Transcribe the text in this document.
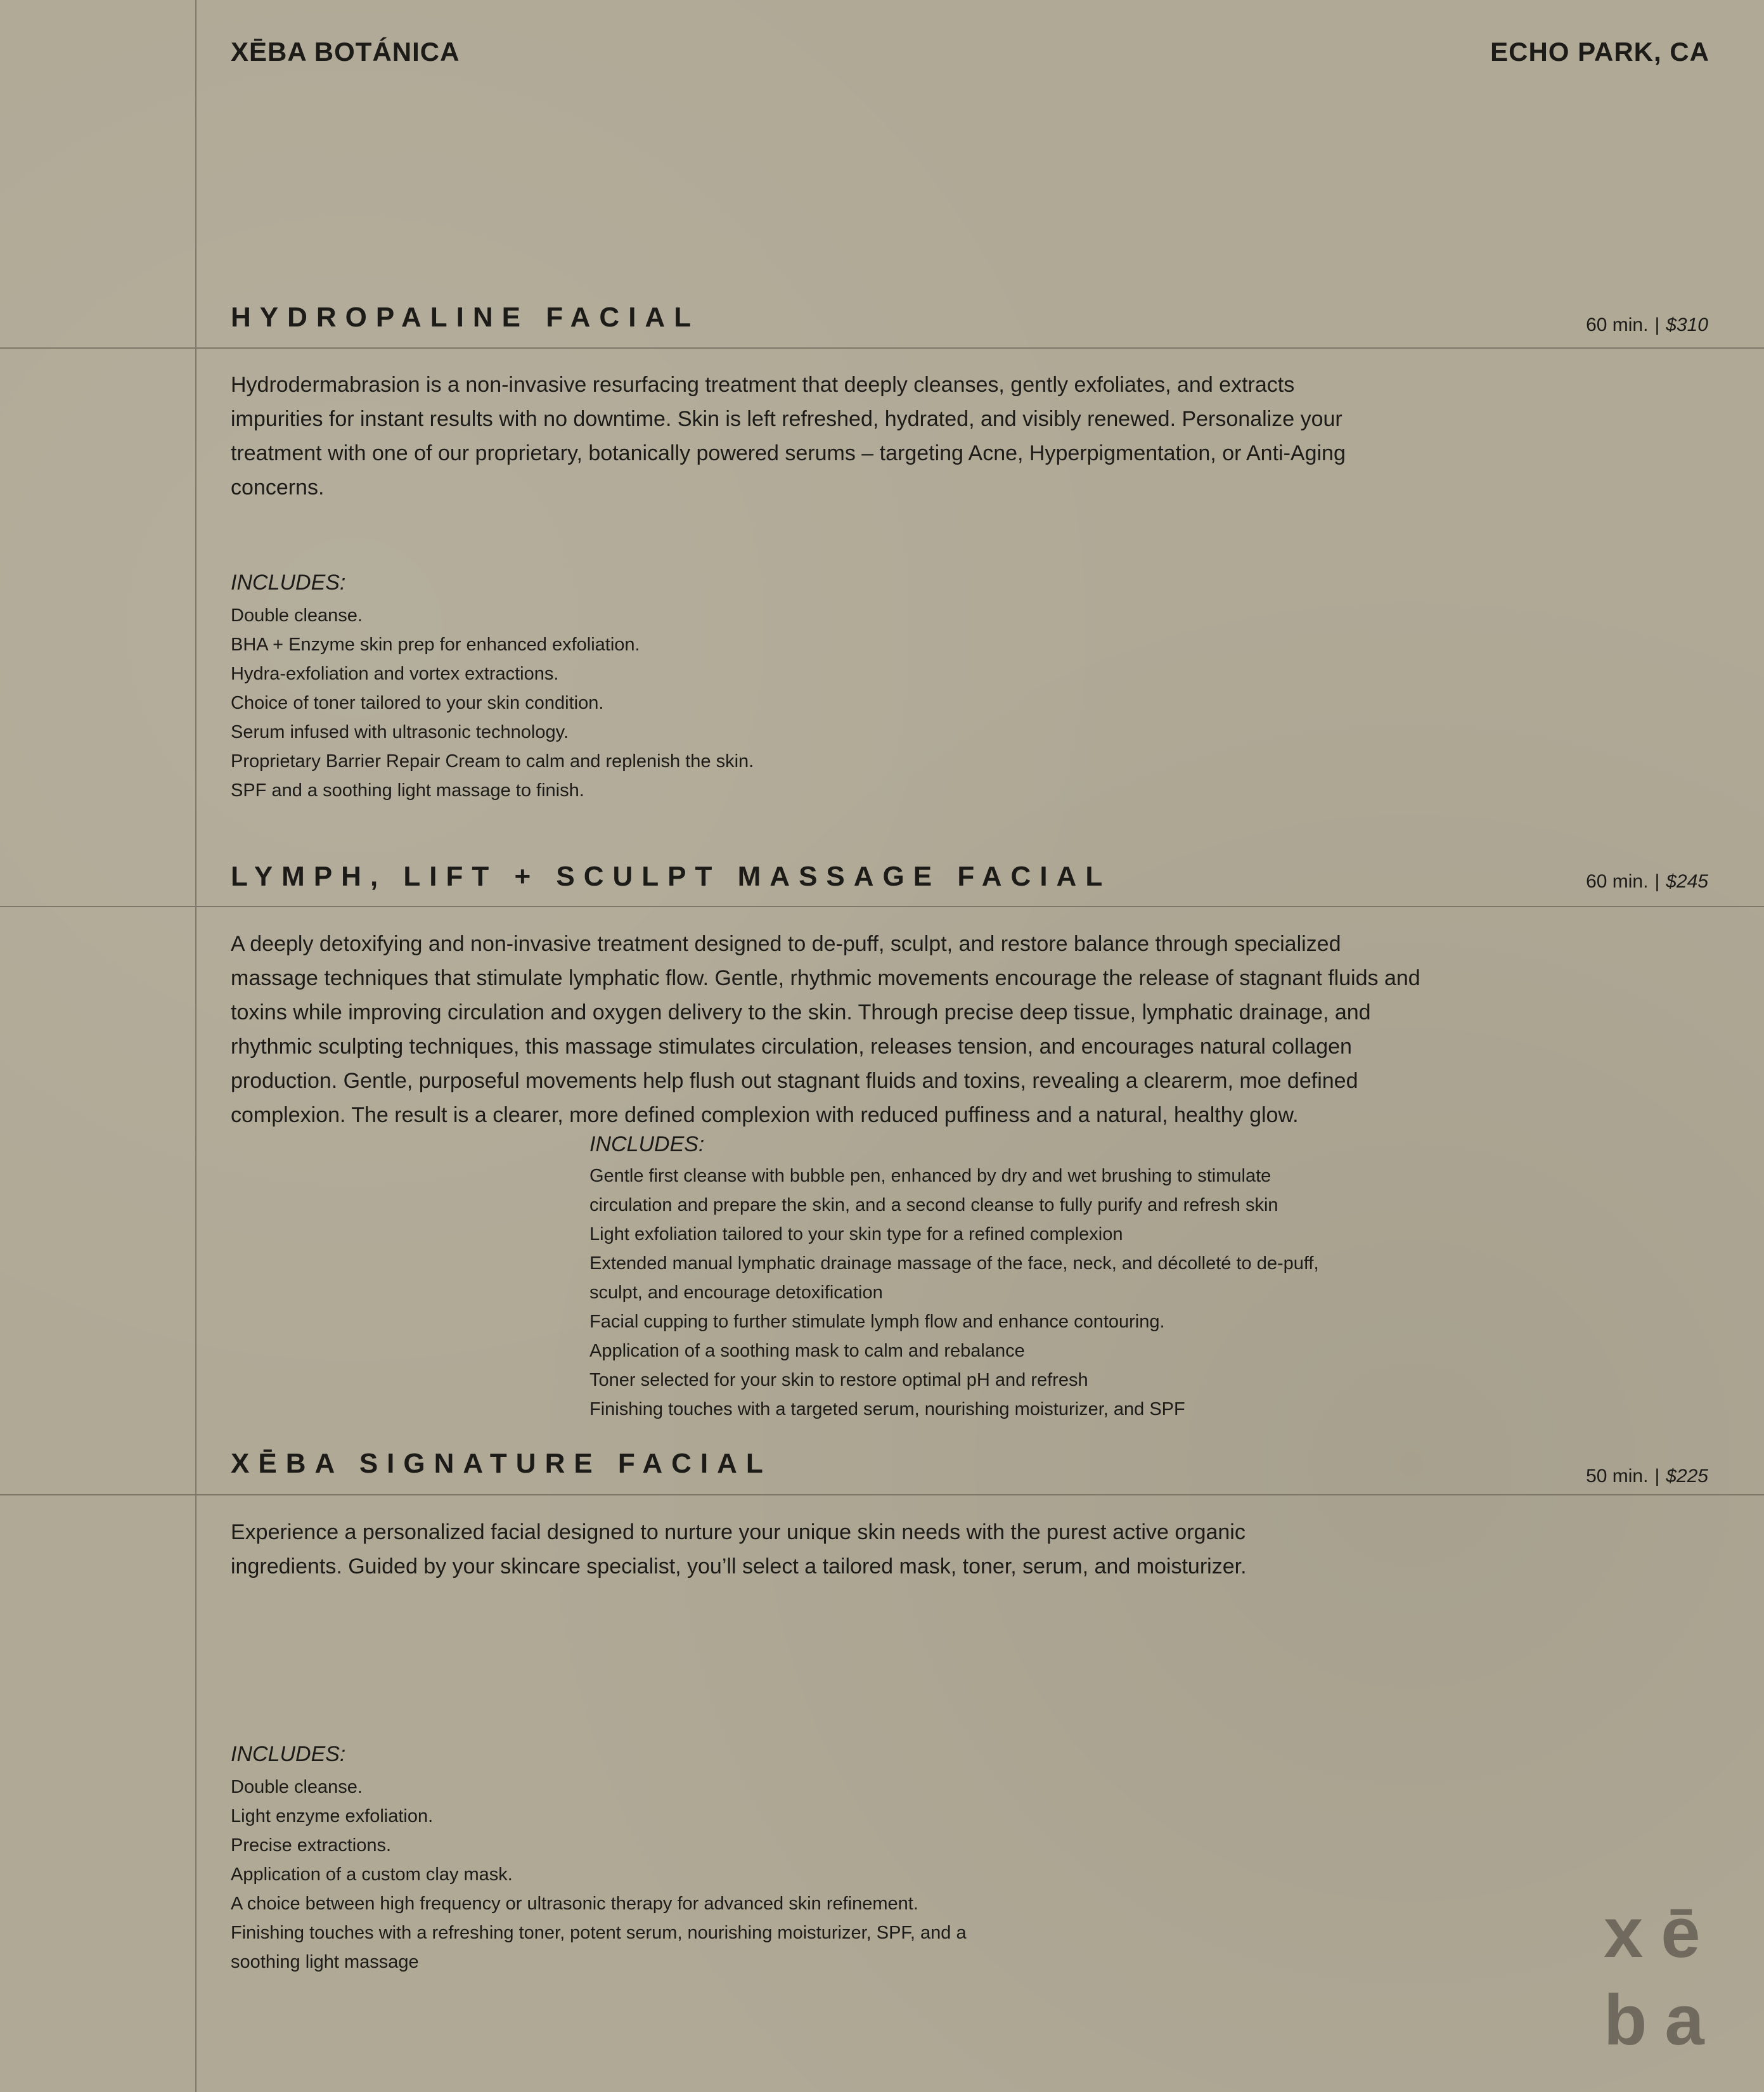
XĒBA BOTÁNICA	ECHO PARK, CA
HYDROPALINE FACIAL	60 min. | $310

Hydrodermabrasion is a non-invasive resurfacing treatment that deeply cleanses, gently exfoliates, and extracts impurities for instant results with no downtime. Skin is left refreshed, hydrated, and visibly renewed. Personalize your treatment with one of our proprietary, botanically powered serums – targeting Acne, Hyperpigmentation, or Anti-Aging concerns.

INCLUDES:
Double cleanse.
BHA + Enzyme skin prep for enhanced exfoliation.
Hydra-exfoliation and vortex extractions.
Choice of toner tailored to your skin condition.
Serum infused with ultrasonic technology.
Proprietary Barrier Repair Cream to calm and replenish the skin.
SPF and a soothing light massage to finish.
LYMPH, LIFT + SCULPT MASSAGE FACIAL	60 min. | $245

A deeply detoxifying and non-invasive treatment designed to de-puff, sculpt, and restore balance through specialized massage techniques that stimulate lymphatic flow. Gentle, rhythmic movements encourage the release of stagnant fluids and toxins while improving circulation and oxygen delivery to the skin. Through precise deep tissue, lymphatic drainage, and rhythmic sculpting techniques, this massage stimulates circulation, releases tension, and encourages natural collagen production. Gentle, purposeful movements help flush out stagnant fluids and toxins, revealing a clearerm, moe defined complexion. The result is a clearer, more defined complexion with reduced puffiness and a natural, healthy glow.

INCLUDES:
Gentle first cleanse with bubble pen, enhanced by dry and wet brushing to stimulate circulation and prepare the skin, and a second cleanse to fully purify and refresh skin
Light exfoliation tailored to your skin type for a refined complexion
Extended manual lymphatic drainage massage of the face, neck, and décolleté to de-puff, sculpt, and encourage detoxification
Facial cupping to further stimulate lymph flow and enhance contouring.
Application of a soothing mask to calm and rebalance
Toner selected for your skin to restore optimal pH and refresh
Finishing touches with a targeted serum, nourishing moisturizer, and SPF
XĒBA SIGNATURE FACIAL	50 min. | $225

Experience a personalized facial designed to nurture your unique skin needs with the purest active organic ingredients. Guided by your skincare specialist, you’ll select a tailored mask, toner, serum, and moisturizer.

INCLUDES:
Double cleanse.
Light enzyme exfoliation.
Precise extractions.
Application of a custom clay mask.
A choice between high frequency or ultrasonic therapy for advanced skin refinement.
Finishing touches with a refreshing toner, potent serum, nourishing moisturizer, SPF, and a soothing light massage	xē
ba
